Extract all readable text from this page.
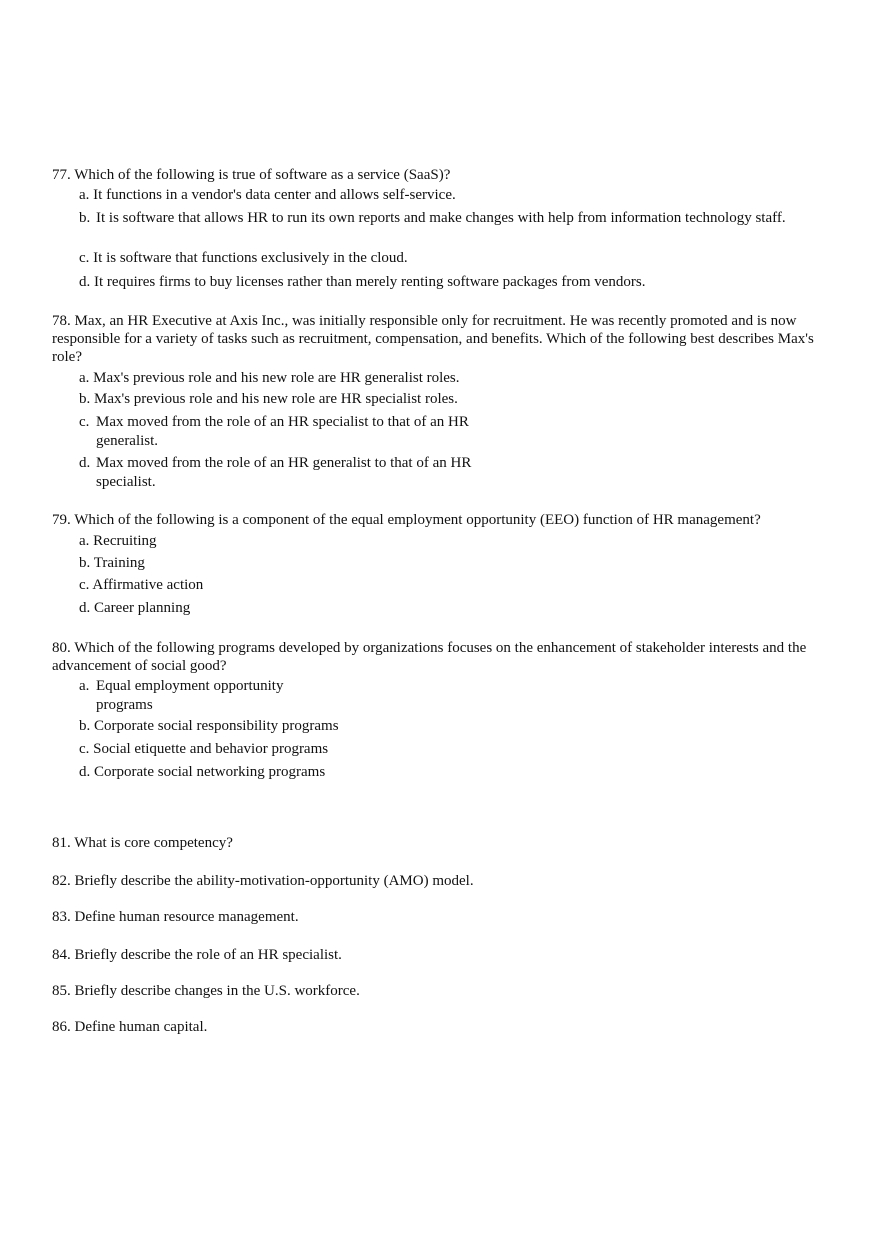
77. Which of the following is true of software as a service (SaaS)?
a. It functions in a vendor's data center and allows self-service.
b. It is software that allows HR to run its own reports and make changes with help from information technology staff.
c. It is software that functions exclusively in the cloud.
d. It requires firms to buy licenses rather than merely renting software packages from vendors.
78. Max, an HR Executive at Axis Inc., was initially responsible only for recruitment. He was recently promoted and is now responsible for a variety of tasks such as recruitment, compensation, and benefits. Which of the following best describes Max's role?
a. Max's previous role and his new role are HR generalist roles.
b. Max's previous role and his new role are HR specialist roles.
c. Max moved from the role of an HR specialist to that of an HR generalist.
d. Max moved from the role of an HR generalist to that of an HR specialist.
79. Which of the following is a component of the equal employment opportunity (EEO) function of HR management?
a. Recruiting
b. Training
c. Affirmative action
d. Career planning
80. Which of the following programs developed by organizations focuses on the enhancement of stakeholder interests and the advancement of social good?
a. Equal employment opportunity programs
b. Corporate social responsibility programs
c. Social etiquette and behavior programs
d. Corporate social networking programs
81. What is core competency?
82. Briefly describe the ability-motivation-opportunity (AMO) model.
83. Define human resource management.
84. Briefly describe the role of an HR specialist.
85. Briefly describe changes in the U.S. workforce.
86. Define human capital.
